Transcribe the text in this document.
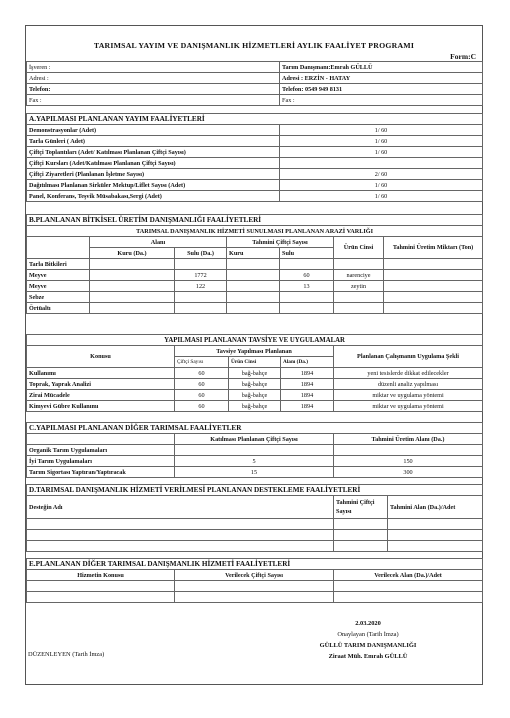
TARIMSAL YAYIM VE DANIŞMANLIK HİZMETLERİ AYLIK FAALİYET PROGRAMI
Form:C
İşveren :	Tarım Danışmanı:Emrah GÜLLÜ
Adresi :	Adresi : ERZİN - HATAY
Telefon:	Telefon: 0549 949 8131
Fax :	Fax :
A.YAPILMASI PLANLANAN YAYIM FAALİYETLERİ	
Demonstrasyonlar (Adet)	1/ 60
Tarla Günleri ( Adet)	1/ 60
Çiftçi Toplantıları (Adet/ Katılması Planlanan Çiftçi Sayısı)	1/ 60
Çiftçi Kursları (Adet/Katılması Planlanan Çiftçi Sayısı)	
Çiftçi Ziyaretleri (Planlanan İşletme Sayısı)	2/ 60
Dağıtılması Planlanan Sirküler Mektup/Liflet Sayısı (Adet)	1/ 60
Panel, Konferans, Teşvik Müsabakası,Sergi (Adet)	1/ 60
B.PLANLANAN BİTKİSEL ÜRETİM DANIŞMANLIĞI FAALİYETLERİ						
TARIMSAL DANIŞMANLIK HİZMETİ SUNULMASI PLANLANAN ARAZİ VARLIĞI						
	Alanı		Tahmini Çiftçi Sayısı		Ürün Cinsi	Tahmini Üretim Miktarı (Ton)
	Kuru (Da.)	Sulu (Da.)	Kuru	Sulu		
Tarla Bitkileri						
Meyve		1772		60	narenciye	
Meyve		122		13	zeytin	
Sebze						
Örtüaltı						
YAPILMASI PLANLANAN TAVSİYE VE UYGULAMALAR				
Konusu	Tavsiye Yapılması Planlanan			Planlanan Çalışmanın Uygulama Şekli
	Çiftçi Sayısı	Ürün Cinsi	Alanı (Da.)	
Kullanımı	60	bağ-bahçe	1894	yeni tesislerde dikkat edilecekler
Toprak, Yaprak Analizi	60	bağ-bahçe	1894	düzenli analiz yapılması
Zirai Mücadele	60	bağ-bahçe	1894	miktar ve uygulama yöntemi
Kimyevi Gübre Kullanımı	60	bağ-bahçe	1894	miktar ve uygulama yöntemi
C.YAPILMASI PLANLANAN DİĞER TARIMSAL FAALİYETLER		
	Katılması Planlanan Çiftçi Sayısı	Tahmini Üretim Alanı (Da.)
Organik Tarım Uygulamaları		
İyi Tarım Uygulamaları	5	150
Tarım Sigortası Yaptıran/Yaptıracak	15	300
D.TARIMSAL DANIŞMANLIK HİZMETİ VERİLMESİ PLANLANAN DESTEKLEME FAALİYETLERİ		
Desteğin Adı	Tahmini Çiftçi Sayısı	Tahmini Alan (Da.)/Adet

E.PLANLANAN DİĞER TARIMSAL DANIŞMANLIK HİZMETİ FAALİYETLERİ		
Hizmetin Konusu	Verilecek Çiftçi Sayısı	Verilecek Alan (Da.)/Adet

2.03.2020
Onaylayan (Tarih İmza)
GÜLLÜ TARIM DANIŞMANLIĞI
Ziraat Müh. Emrah GÜLLÜ
DÜZENLEYEN (Tarih İmza)
